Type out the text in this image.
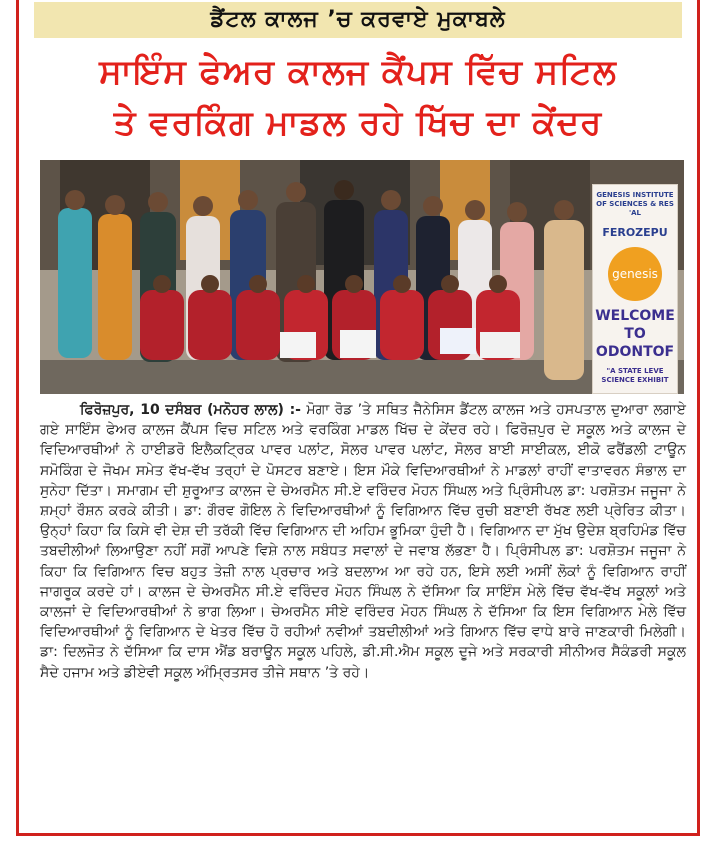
ਡੈਂਟਲ ਕਾਲਜ ’ਚ ਕਰਵਾਏ ਮੁਕਾਬਲੇ
ਸਾਇੰਸ ਫੇਅਰ ਕਾਲਜ ਕੈਂਪਸ ਵਿੱਚ ਸਟਿਲ
ਤੇ ਵਰਕਿੰਗ ਮਾਡਲ ਰਹੇ ਖਿੱਚ ਦਾ ਕੇਂਦਰ
GENESIS INSTITUTE OF SCIENCES & RES 'AL
FEROZEPU
genesis
WELCOME TO ODONTOF
"A STATE LEVE SCIENCE EXHIBIT

ਫਿਰੋਜ਼ਪੁਰ, 10 ਦਸੰਬਰ (ਮਨੋਹਰ ਲਾਲ) :- ਮੋਗਾ ਰੋਡ ’ਤੇ ਸਥਿਤ ਜੈਨੇਸਿਸ ਡੈਂਟਲ ਕਾਲਜ ਅਤੇ ਹਸਪਤਾਲ ਦੁਆਰਾ ਲਗਾਏ ਗਏ ਸਾਇੰਸ ਫੇਅਰ ਕਾਲਜ ਕੈਂਪਸ ਵਿਚ ਸਟਿਲ ਅਤੇ ਵਰਕਿੰਗ ਮਾਡਲ ਖਿੱਚ ਦੇ ਕੇਂਦਰ ਰਹੇ। ਫਿਰੋਜ਼ਪੁਰ ਦੇ ਸਕੂਲ ਅਤੇ ਕਾਲਜ ਦੇ ਵਿਦਿਆਰਥੀਆਂ ਨੇ ਹਾਈਡਰੋ ਇਲੈਕਟ੍ਰਿਕ ਪਾਵਰ ਪਲਾਂਟ, ਸੋਲਰ ਪਾਵਰ ਪਲਾਂਟ, ਸੋਲਰ ਬਾਈ ਸਾਈਕਲ, ਈਕੋ ਫਰੈਂਡਲੀ ਟਾਊਨ ਸਮੋਕਿੰਗ ਦੇ ਜੋਖਮ ਸਮੇਤ ਵੱਖ-ਵੱਖ ਤਰ੍ਹਾਂ ਦੇ ਪੋਸਟਰ ਬਣਾਏ। ਇਸ ਮੌਕੇ ਵਿਦਿਆਰਥੀਆਂ ਨੇ ਮਾਡਲਾਂ ਰਾਹੀਂ ਵਾਤਾਵਰਨ ਸੰਭਾਲ ਦਾ ਸੁਨੇਹਾ ਦਿੱਤਾ। ਸਮਾਗਮ ਦੀ ਸ਼ੁਰੂਆਤ ਕਾਲਜ ਦੇ ਚੇਅਰਮੈਨ ਸੀ.ਏ ਵਰਿੰਦਰ ਮੋਹਨ ਸਿੰਘਲ ਅਤੇ ਪ੍ਰਿੰਸੀਪਲ ਡਾ: ਪਰਸ਼ੋਤਮ ਜਜੂਜਾ ਨੇ ਸ਼ਮ੍ਹਾਂ ਰੌਸ਼ਨ ਕਰਕੇ ਕੀਤੀ। ਡਾ: ਗੌਰਵ ਗੋਇਲ ਨੇ ਵਿਦਿਆਰਥੀਆਂ ਨੂੰ ਵਿਗਿਆਨ ਵਿੱਚ ਰੁਚੀ ਬਣਾਈ ਰੱਖਣ ਲਈ ਪ੍ਰੇਰਿਤ ਕੀਤਾ। ਉਨ੍ਹਾਂ ਕਿਹਾ ਕਿ ਕਿਸੇ ਵੀ ਦੇਸ਼ ਦੀ ਤਰੱਕੀ ਵਿੱਚ ਵਿਗਿਆਨ ਦੀ ਅਹਿਮ ਭੂਮਿਕਾ ਹੁੰਦੀ ਹੈ। ਵਿਗਿਆਨ ਦਾ ਮੁੱਖ ਉਦੇਸ਼ ਬ੍ਰਹਿਮੰਡ ਵਿੱਚ ਤਬਦੀਲੀਆਂ ਲਿਆਉਣਾ ਨਹੀਂ ਸਗੋਂ ਆਪਣੇ ਵਿਸ਼ੇ ਨਾਲ ਸਬੰਧਤ ਸਵਾਲਾਂ ਦੇ ਜਵਾਬ ਲੱਭਣਾ ਹੈ। ਪ੍ਰਿੰਸੀਪਲ ਡਾ: ਪਰਸ਼ੋਤਮ ਜਜੂਜਾ ਨੇ ਕਿਹਾ ਕਿ ਵਿਗਿਆਨ ਵਿਚ ਬਹੁਤ ਤੇਜ਼ੀ ਨਾਲ ਪ੍ਰਚਾਰ ਅਤੇ ਬਦਲਾਅ ਆ ਰਹੇ ਹਨ, ਇਸੇ ਲਈ ਅਸੀਂ ਲੋਕਾਂ ਨੂੰ ਵਿਗਿਆਨ ਰਾਹੀਂ ਜਾਗਰੂਕ ਕਰਦੇ ਹਾਂ। ਕਾਲਜ ਦੇ ਚੇਅਰਮੈਨ ਸੀ.ਏ ਵਰਿੰਦਰ ਮੋਹਨ ਸਿੰਘਲ ਨੇ ਦੱਸਿਆ ਕਿ ਸਾਇੰਸ ਮੇਲੇ ਵਿੱਚ ਵੱਖ-ਵੱਖ ਸਕੂਲਾਂ ਅਤੇ ਕਾਲਜਾਂ ਦੇ ਵਿਦਿਆਰਥੀਆਂ ਨੇ ਭਾਗ ਲਿਆ। ਚੇਅਰਮੈਨ ਸੀਏ ਵਰਿੰਦਰ ਮੋਹਨ ਸਿੰਘਲ ਨੇ ਦੱਸਿਆ ਕਿ ਇਸ ਵਿਗਿਆਨ ਮੇਲੇ ਵਿੱਚ ਵਿਦਿਆਰਥੀਆਂ ਨੂੰ ਵਿਗਿਆਨ ਦੇ ਖੇਤਰ ਵਿੱਚ ਹੋ ਰਹੀਆਂ ਨਵੀਆਂ ਤਬਦੀਲੀਆਂ ਅਤੇ ਗਿਆਨ ਵਿੱਚ ਵਾਧੇ ਬਾਰੇ ਜਾਣਕਾਰੀ ਮਿਲੇਗੀ। ਡਾ: ਦਿਲਜੋਤ ਨੇ ਦੱਸਿਆ ਕਿ ਦਾਸ ਐਂਡ ਬਰਾਊਨ ਸਕੂਲ ਪਹਿਲੇ, ਡੀ.ਸੀ.ਐਮ ਸਕੂਲ ਦੂਜੇ ਅਤੇ ਸਰਕਾਰੀ ਸੀਨੀਅਰ ਸੈਕੰਡਰੀ ਸਕੂਲ ਸੈਦੇ ਹਜਾਮ ਅਤੇ ਡੀਏਵੀ ਸਕੂਲ ਅੰਮ੍ਰਿਤਸਰ ਤੀਜੇ ਸਥਾਨ ’ਤੇ ਰਹੇ।
